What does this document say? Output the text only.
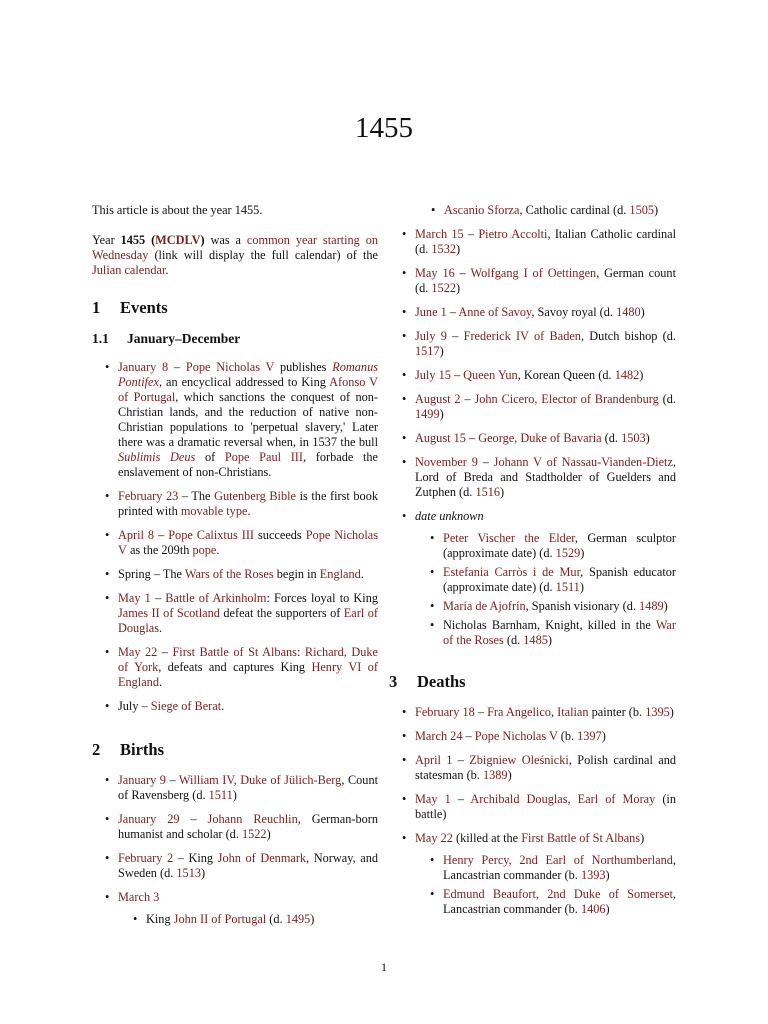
1455

This article is about the year 1455.

Year 1455 (MCDLV) was a common year starting on Wednesday (link will display the full calendar) of the Julian calendar.

1	Events
1.1	January–December
• January 8 – Pope Nicholas V publishes Romanus Pontifex, an encyclical addressed to King Afonso V of Portugal, which sanctions the conquest of non-Christian lands, and the reduction of native non-Christian populations to 'perpetual slavery,' Later there was a dramatic reversal when, in 1537 the bull Sublimis Deus of Pope Paul III, forbade the enslavement of non-Christians.
• February 23 – The Gutenberg Bible is the first book printed with movable type.
• April 8 – Pope Calixtus III succeeds Pope Nicholas V as the 209th pope.
• Spring – The Wars of the Roses begin in England.
• May 1 – Battle of Arkinholm: Forces loyal to King James II of Scotland defeat the supporters of Earl of Douglas.
• May 22 – First Battle of St Albans: Richard, Duke of York, defeats and captures King Henry VI of England.
• July – Siege of Berat.
2	Births
• January 9 – William IV, Duke of Jülich-Berg, Count of Ravensberg (d. 1511)
• January 29 – Johann Reuchlin, German-born humanist and scholar (d. 1522)
• February 2 – King John of Denmark, Norway, and Sweden (d. 1513)
• March 3
• King John II of Portugal (d. 1495)
• Ascanio Sforza, Catholic cardinal (d. 1505)
• March 15 – Pietro Accolti, Italian Catholic cardinal (d. 1532)
• May 16 – Wolfgang I of Oettingen, German count (d. 1522)
• June 1 – Anne of Savoy, Savoy royal (d. 1480)
• July 9 – Frederick IV of Baden, Dutch bishop (d. 1517)
• July 15 – Queen Yun, Korean Queen (d. 1482)
• August 2 – John Cicero, Elector of Brandenburg (d. 1499)
• August 15 – George, Duke of Bavaria (d. 1503)
• November 9 – Johann V of Nassau-Vianden-Dietz, Lord of Breda and Stadtholder of Guelders and Zutphen (d. 1516)
• date unknown
• Peter Vischer the Elder, German sculptor (approximate date) (d. 1529)
• Estefania Carròs i de Mur, Spanish educator (approximate date) (d. 1511)
• María de Ajofrín, Spanish visionary (d. 1489)
• Nicholas Barnham, Knight, killed in the War of the Roses (d. 1485)
3	Deaths
• February 18 – Fra Angelico, Italian painter (b. 1395)
• March 24 – Pope Nicholas V (b. 1397)
• April 1 – Zbigniew Oleśnicki, Polish cardinal and statesman (b. 1389)
• May 1 – Archibald Douglas, Earl of Moray (in battle)
• May 22 (killed at the First Battle of St Albans)
• Henry Percy, 2nd Earl of Northumberland, Lancastrian commander (b. 1393)
• Edmund Beaufort, 2nd Duke of Somerset, Lancastrian commander (b. 1406)
1
